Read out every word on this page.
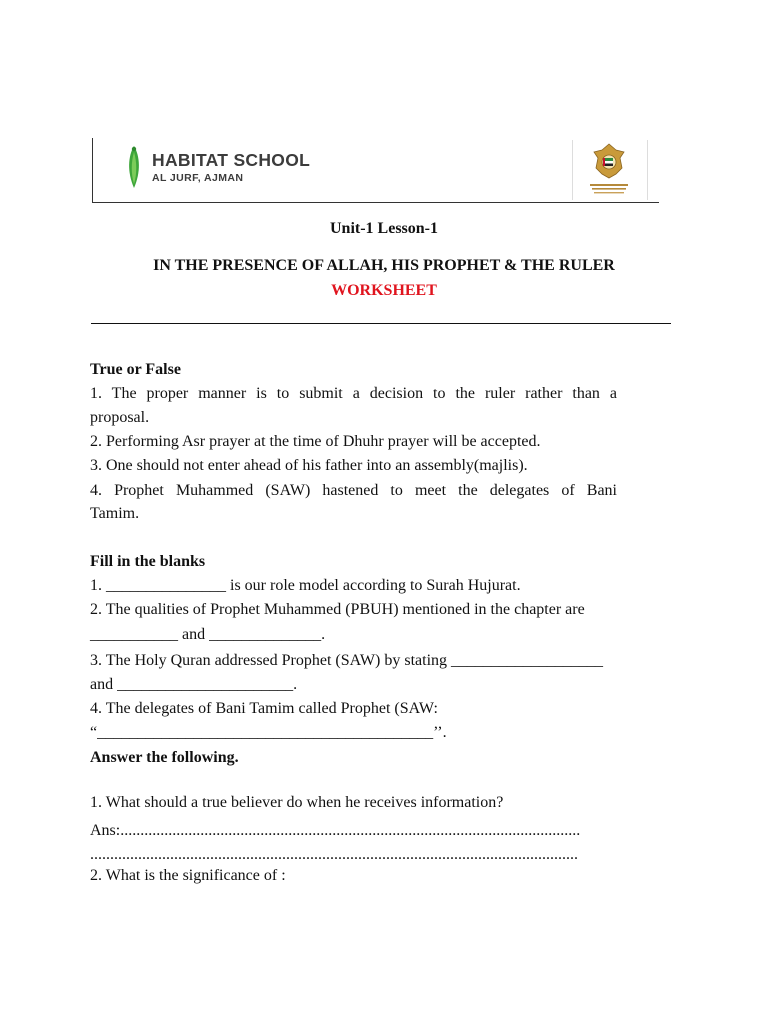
HABITAT SCHOOL
AL JURF, AJMAN
Unit-1 Lesson-1
IN THE PRESENCE OF ALLAH, HIS PROPHET & THE RULER
WORKSHEET
True or False
1. The proper manner is to submit a decision to the ruler rather than a
proposal.
2. Performing Asr prayer at the time of Dhuhr prayer will be accepted.
3. One should not enter ahead of his father into an assembly(majlis).
4. Prophet Muhammed (SAW) hastened to meet the delegates of Bani
Tamim.
Fill in the blanks
1. _______________ is our role model according to Surah Hujurat.
2. The qualities of Prophet Muhammed (PBUH) mentioned in the chapter are
___________ and ______________.
3. The Holy Quran addressed Prophet (SAW) by stating ___________________
and ______________________.
4. The delegates of Bani Tamim called Prophet (SAW:
“__________________________________________’’.
Answer the following.
1. What should a true believer do when he receives information?
Ans:...................................................................................................................
..........................................................................................................................
2. What is the significance of :
